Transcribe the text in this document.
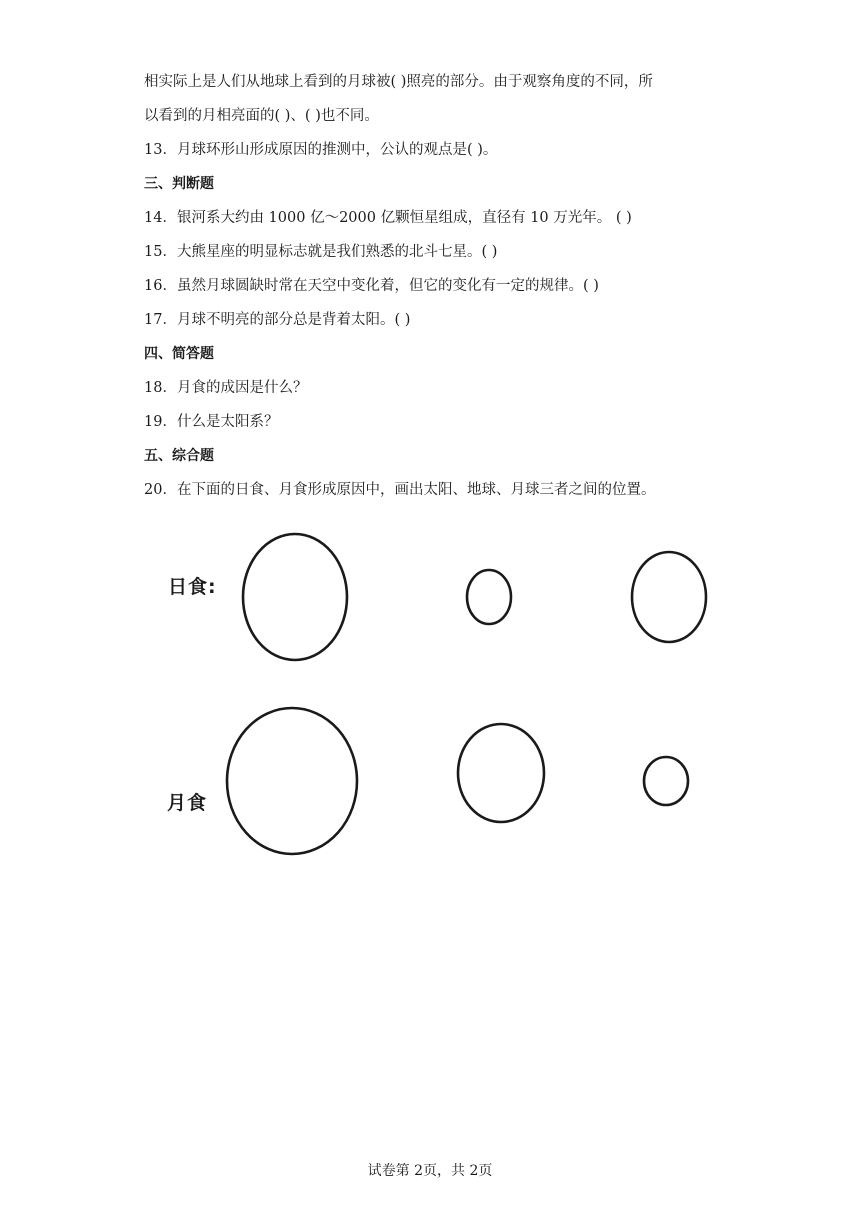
相实际上是人们从地球上看到的月球被( )照亮的部分。由于观察角度的不同，所

以看到的月相亮面的( )、( )也不同。

13．月球环形山形成原因的推测中，公认的观点是( )。

三、判断题

14．银河系大约由 1000 亿～2000 亿颗恒星组成，直径有 10 万光年。 ( )

15．大熊星座的明显标志就是我们熟悉的北斗七星。( )

16．虽然月球圆缺时常在天空中变化着，但它的变化有一定的规律。( )

17．月球不明亮的部分总是背着太阳。( )

四、简答题

18．月食的成因是什么？

19．什么是太阳系？

五、综合题

20．在下面的日食、月食形成原因中，画出太阳、地球、月球三者之间的位置。

日食:
月食
试卷第 2页，共 2页
